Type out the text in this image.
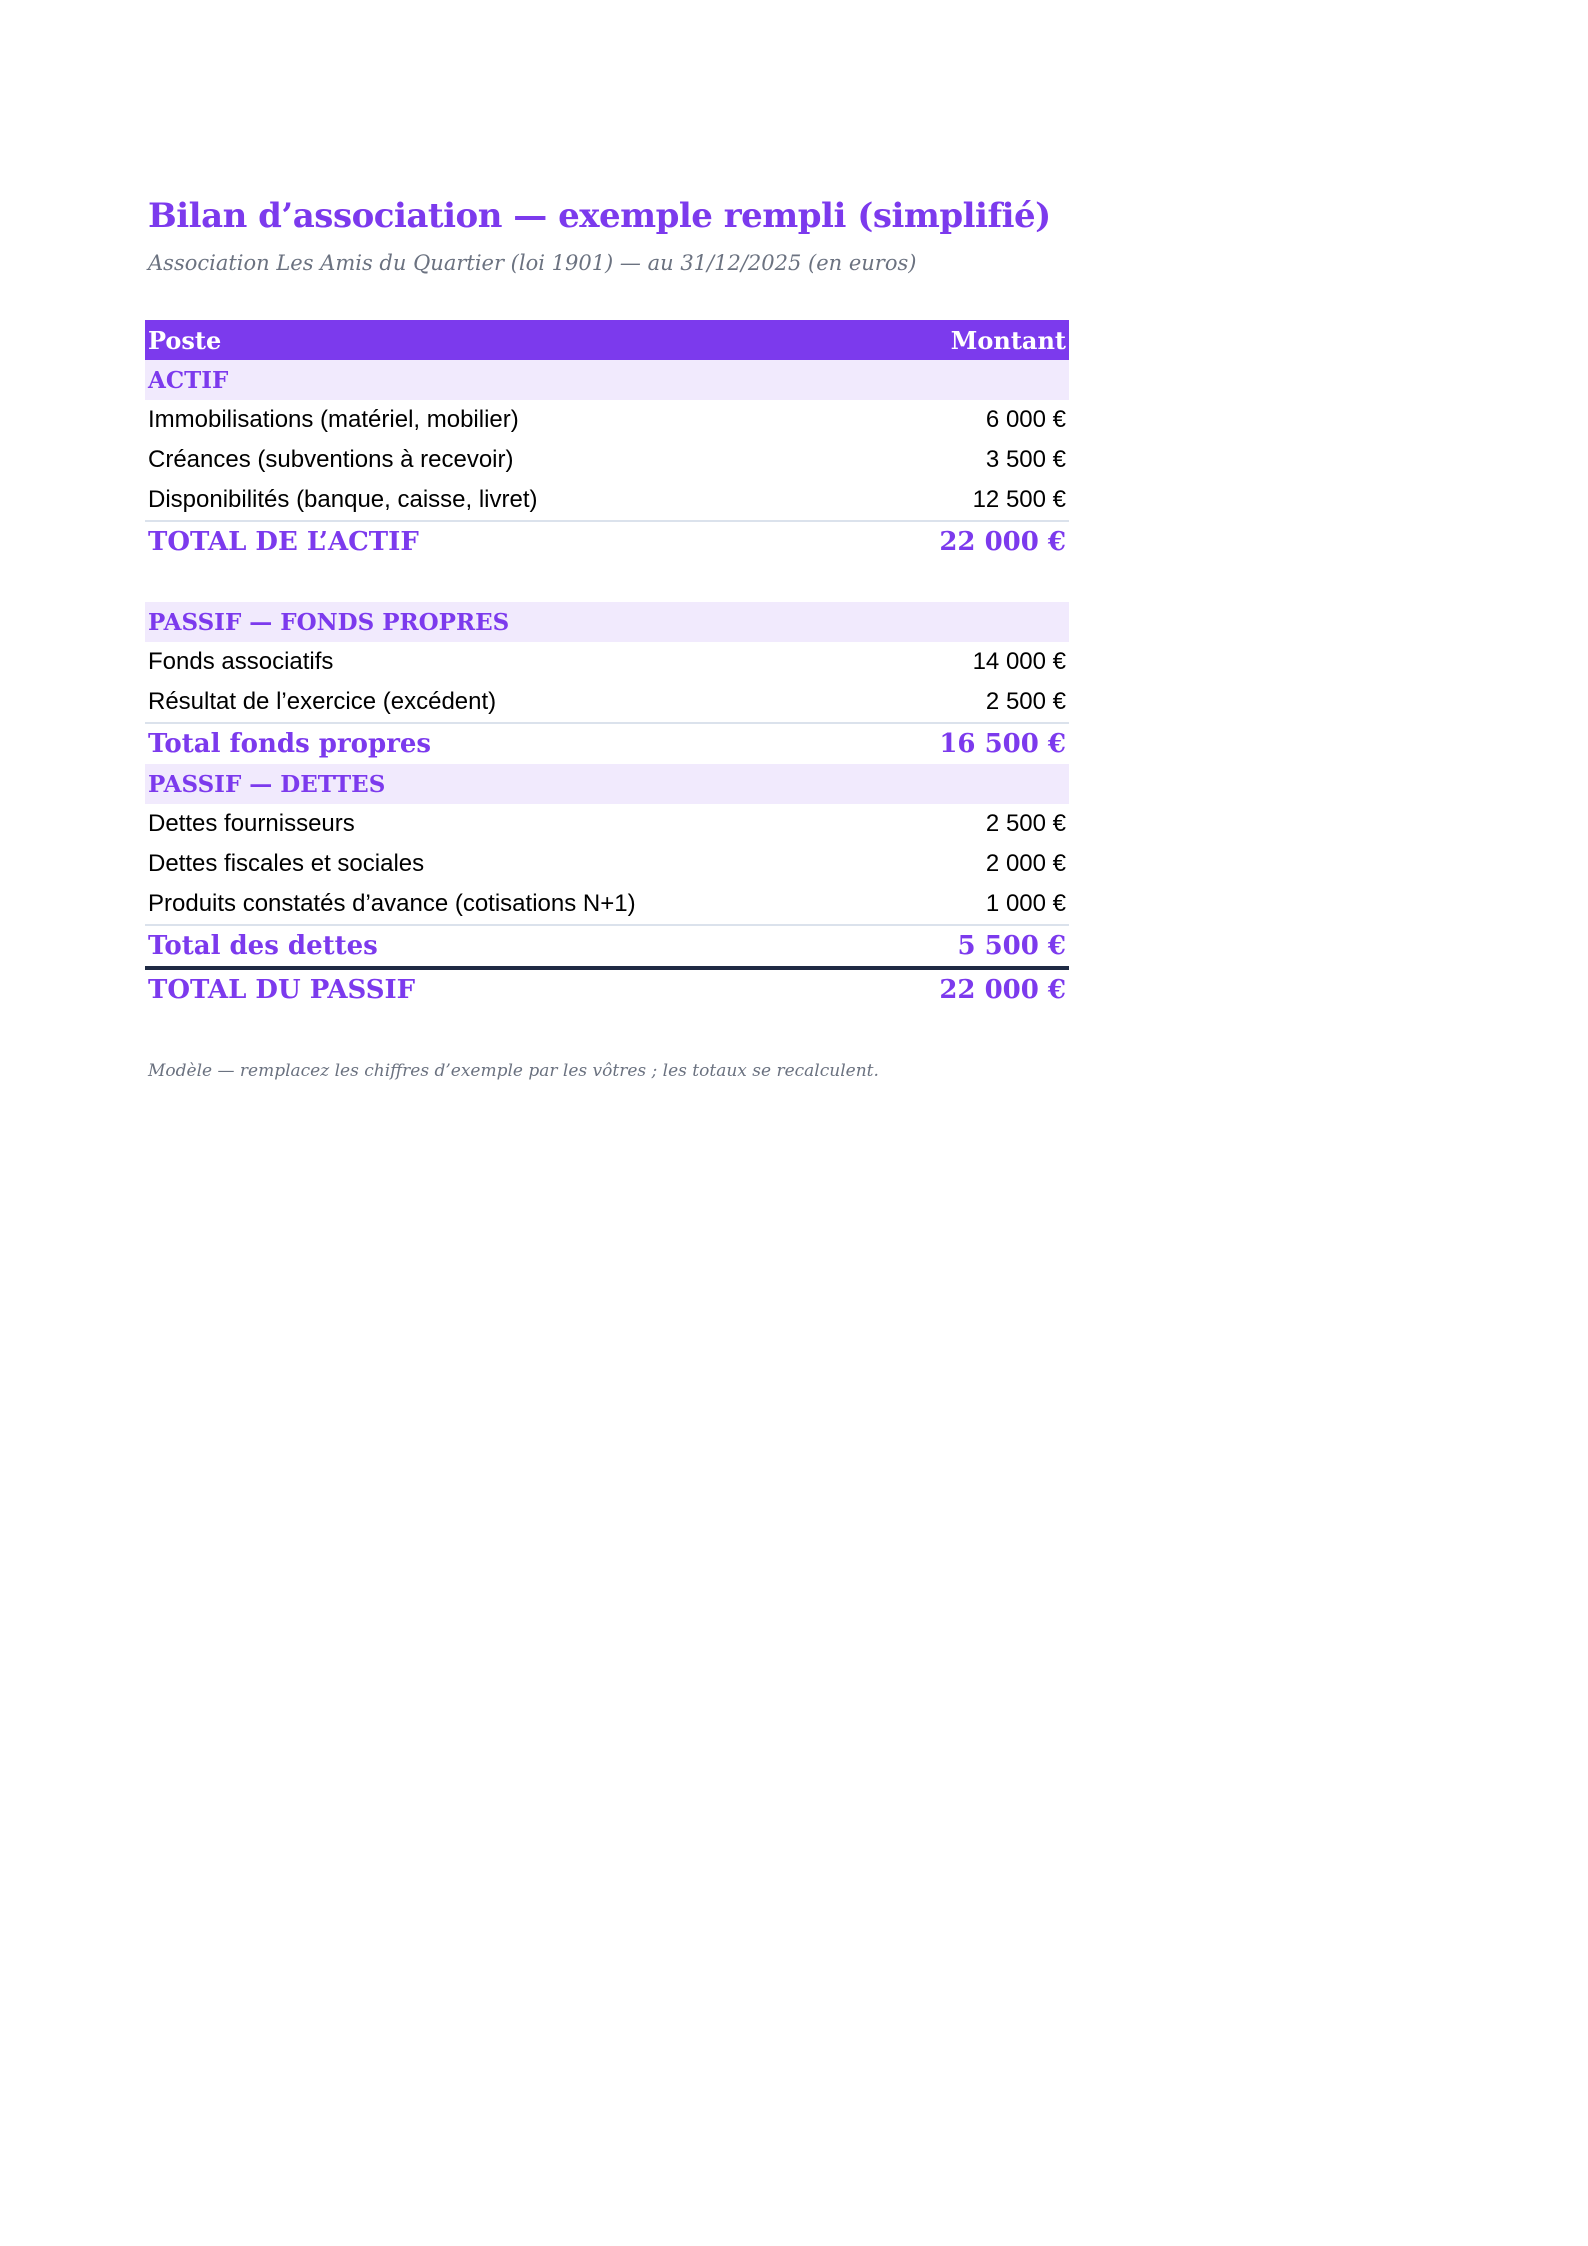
Bilan d’association — exemple rempli (simplifié)

Association Les Amis du Quartier (loi 1901) — au 31/12/2025 (en euros)

Poste	Montant
ACTIF	
Immobilisations (matériel, mobilier)	6 000 €
Créances (subventions à recevoir)	3 500 €
Disponibilités (banque, caisse, livret)	12 500 €
TOTAL DE L’ACTIF	22 000 €

PASSIF — FONDS PROPRES	
Fonds associatifs	14 000 €
Résultat de l’exercice (excédent)	2 500 €
Total fonds propres	16 500 €
PASSIF — DETTES	
Dettes fournisseurs	2 500 €
Dettes fiscales et sociales	2 000 €
Produits constatés d’avance (cotisations N+1)	1 000 €
Total des dettes	5 500 €
TOTAL DU PASSIF	22 000 €

Modèle — remplacez les chiffres d’exemple par les vôtres ; les totaux se recalculent.
